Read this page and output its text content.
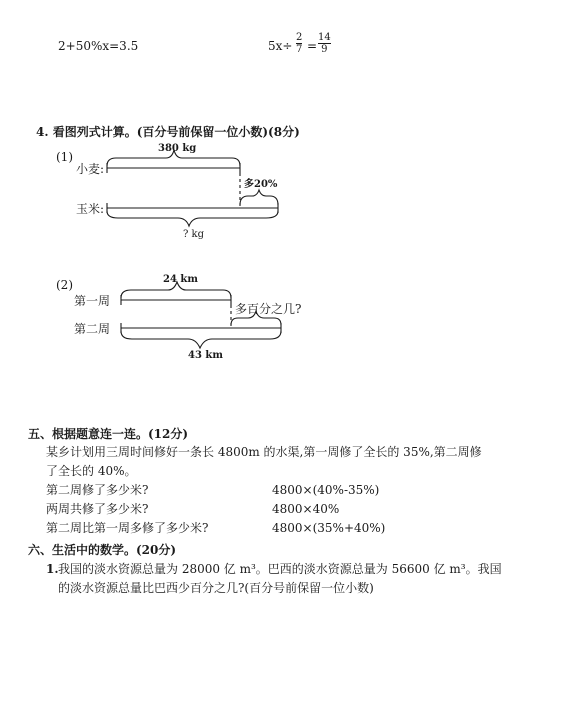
2+50%x=3.5	5x÷
2
7 =
14
9
4. 看图列式计算。(百分号前保留一位小数)(8分)
(1)
380 kg
小麦:
玉米:
多20%
? kg
(2)	24 km
第一周
第二周
多百分之几?
43 km
五、根据题意连一连。(12分)
某乡计划用三周时间修好一条长 4800m 的水渠,第一周修了全长的 35%,第二周修
了全长的 40%。
第二周修了多少米?
两周共修了多少米?
第二周比第一周多修了多少米?
4800×(40%-35%)
4800×40%
4800×(35%+40%)
六、生活中的数学。(20分)
1. 我国的淡水资源总量为 28000 亿 m³。巴西的淡水资源总量为 56600 亿 m³。我国
的淡水资源总量比巴西少百分之几?(百分号前保留一位小数)
